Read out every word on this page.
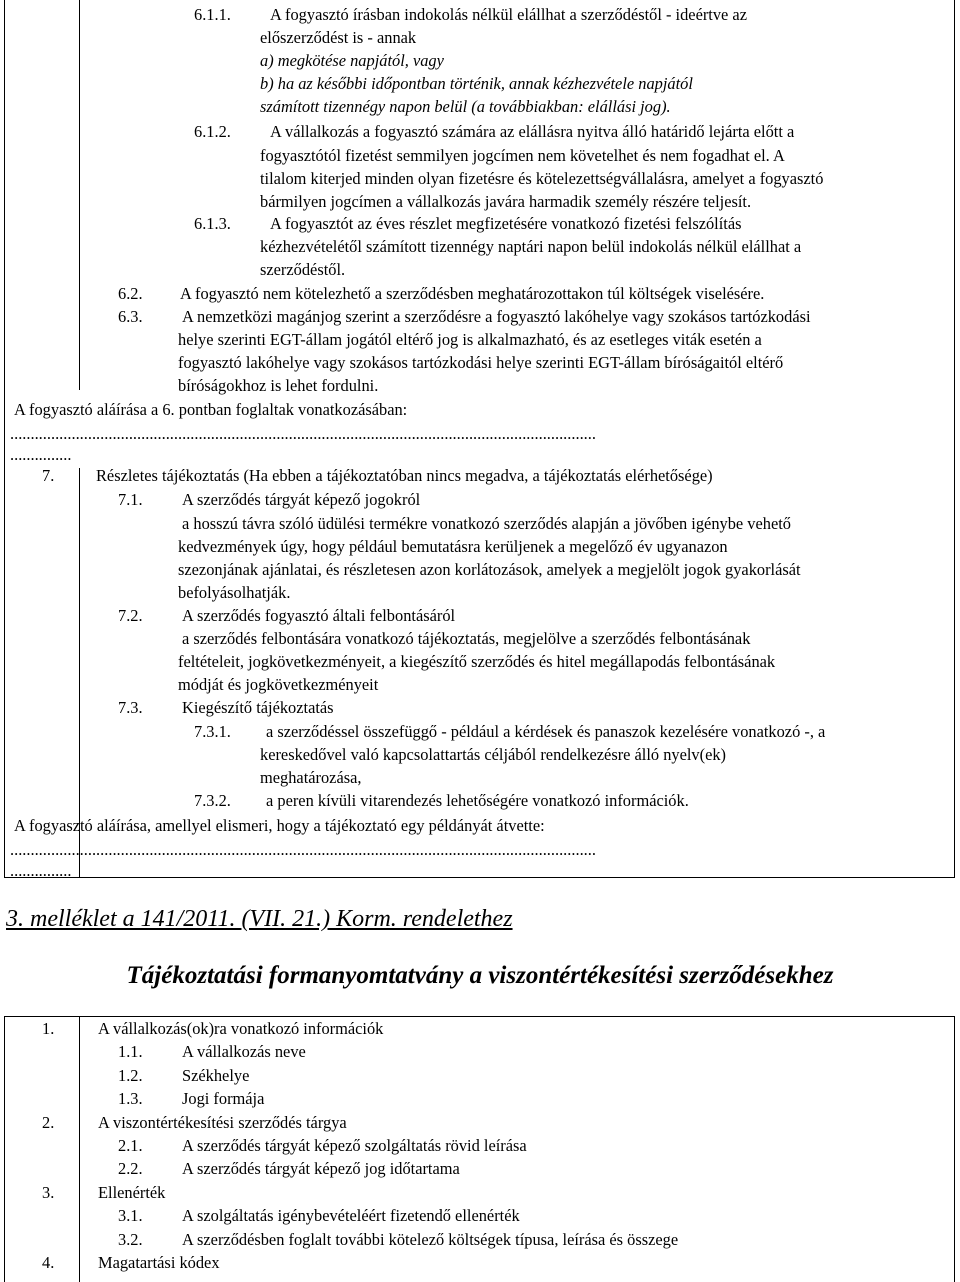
6.1.1. A fogyasztó írásban indokolás nélkül elállhat a szerződéstől - ideértve az
előszerződést is - annak
a) megkötése napjától, vagy
b) ha az későbbi időpontban történik, annak kézhezvétele napjától
számított tizennégy napon belül (a továbbiakban: elállási jog).
6.1.2. A vállalkozás a fogyasztó számára az elállásra nyitva álló határidő lejárta előtt a
fogyasztótól fizetést semmilyen jogcímen nem követelhet és nem fogadhat el. A
tilalom kiterjed minden olyan fizetésre és kötelezettségvállalásra, amelyet a fogyasztó
bármilyen jogcímen a vállalkozás javára harmadik személy részére teljesít.
6.1.3. A fogyasztót az éves részlet megfizetésére vonatkozó fizetési felszólítás
kézhezvételétől számított tizennégy naptári napon belül indokolás nélkül elállhat a
szerződéstől.
6.2. A fogyasztó nem kötelezhető a szerződésben meghatározottakon túl költségek viselésére.
6.3. A nemzetközi magánjog szerint a szerződésre a fogyasztó lakóhelye vagy szokásos tartózkodási
helye szerinti EGT-állam jogától eltérő jog is alkalmazható, és az esetleges viták esetén a
fogyasztó lakóhelye vagy szokásos tartózkodási helye szerinti EGT-állam bíróságaitól eltérő
bíróságokhoz is lehet fordulni.
A fogyasztó aláírása a 6. pontban foglaltak vonatkozásában:
...............................................................................................................................................
...............
7.	Részletes tájékoztatás (Ha ebben a tájékoztatóban nincs megadva, a tájékoztatás elérhetősége)
7.1. A szerződés tárgyát képező jogokról
a hosszú távra szóló üdülési termékre vonatkozó szerződés alapján a jövőben igénybe vehető
kedvezmények úgy, hogy például bemutatásra kerüljenek a megelőző év ugyanazon
szezonjának ajánlatai, és részletesen azon korlátozások, amelyek a megjelölt jogok gyakorlását
befolyásolhatják.
7.2. A szerződés fogyasztó általi felbontásáról
a szerződés felbontására vonatkozó tájékoztatás, megjelölve a szerződés felbontásának
feltételeit, jogkövetkezményeit, a kiegészítő szerződés és hitel megállapodás felbontásának
módját és jogkövetkezményeit
7.3. Kiegészítő tájékoztatás
7.3.1. a szerződéssel összefüggő - például a kérdések és panaszok kezelésére vonatkozó -, a
kereskedővel való kapcsolattartás céljából rendelkezésre álló nyelv(ek)
meghatározása,
7.3.2. a peren kívüli vitarendezés lehetőségére vonatkozó információk.
A fogyasztó aláírása, amellyel elismeri, hogy a tájékoztató egy példányát átvette:
...............................................................................................................................................
...............
3. melléklet a 141/2011. (VII. 21.) Korm. rendelethez
Tájékoztatási formanyomtatvány a viszontértékesítési szerződésekhez
1.	A vállalkozás(ok)ra vonatkozó információk
1.1. A vállalkozás neve
1.2. Székhelye
1.3. Jogi formája
2.	A viszontértékesítési szerződés tárgya
2.1. A szerződés tárgyát képező szolgáltatás rövid leírása
2.2. A szerződés tárgyát képező jog időtartama
3.	Ellenérték
3.1. A szolgáltatás igénybevételéért fizetendő ellenérték
3.2. A szerződésben foglalt további kötelező költségek típusa, leírása és összege
4.	Magatartási kódex
